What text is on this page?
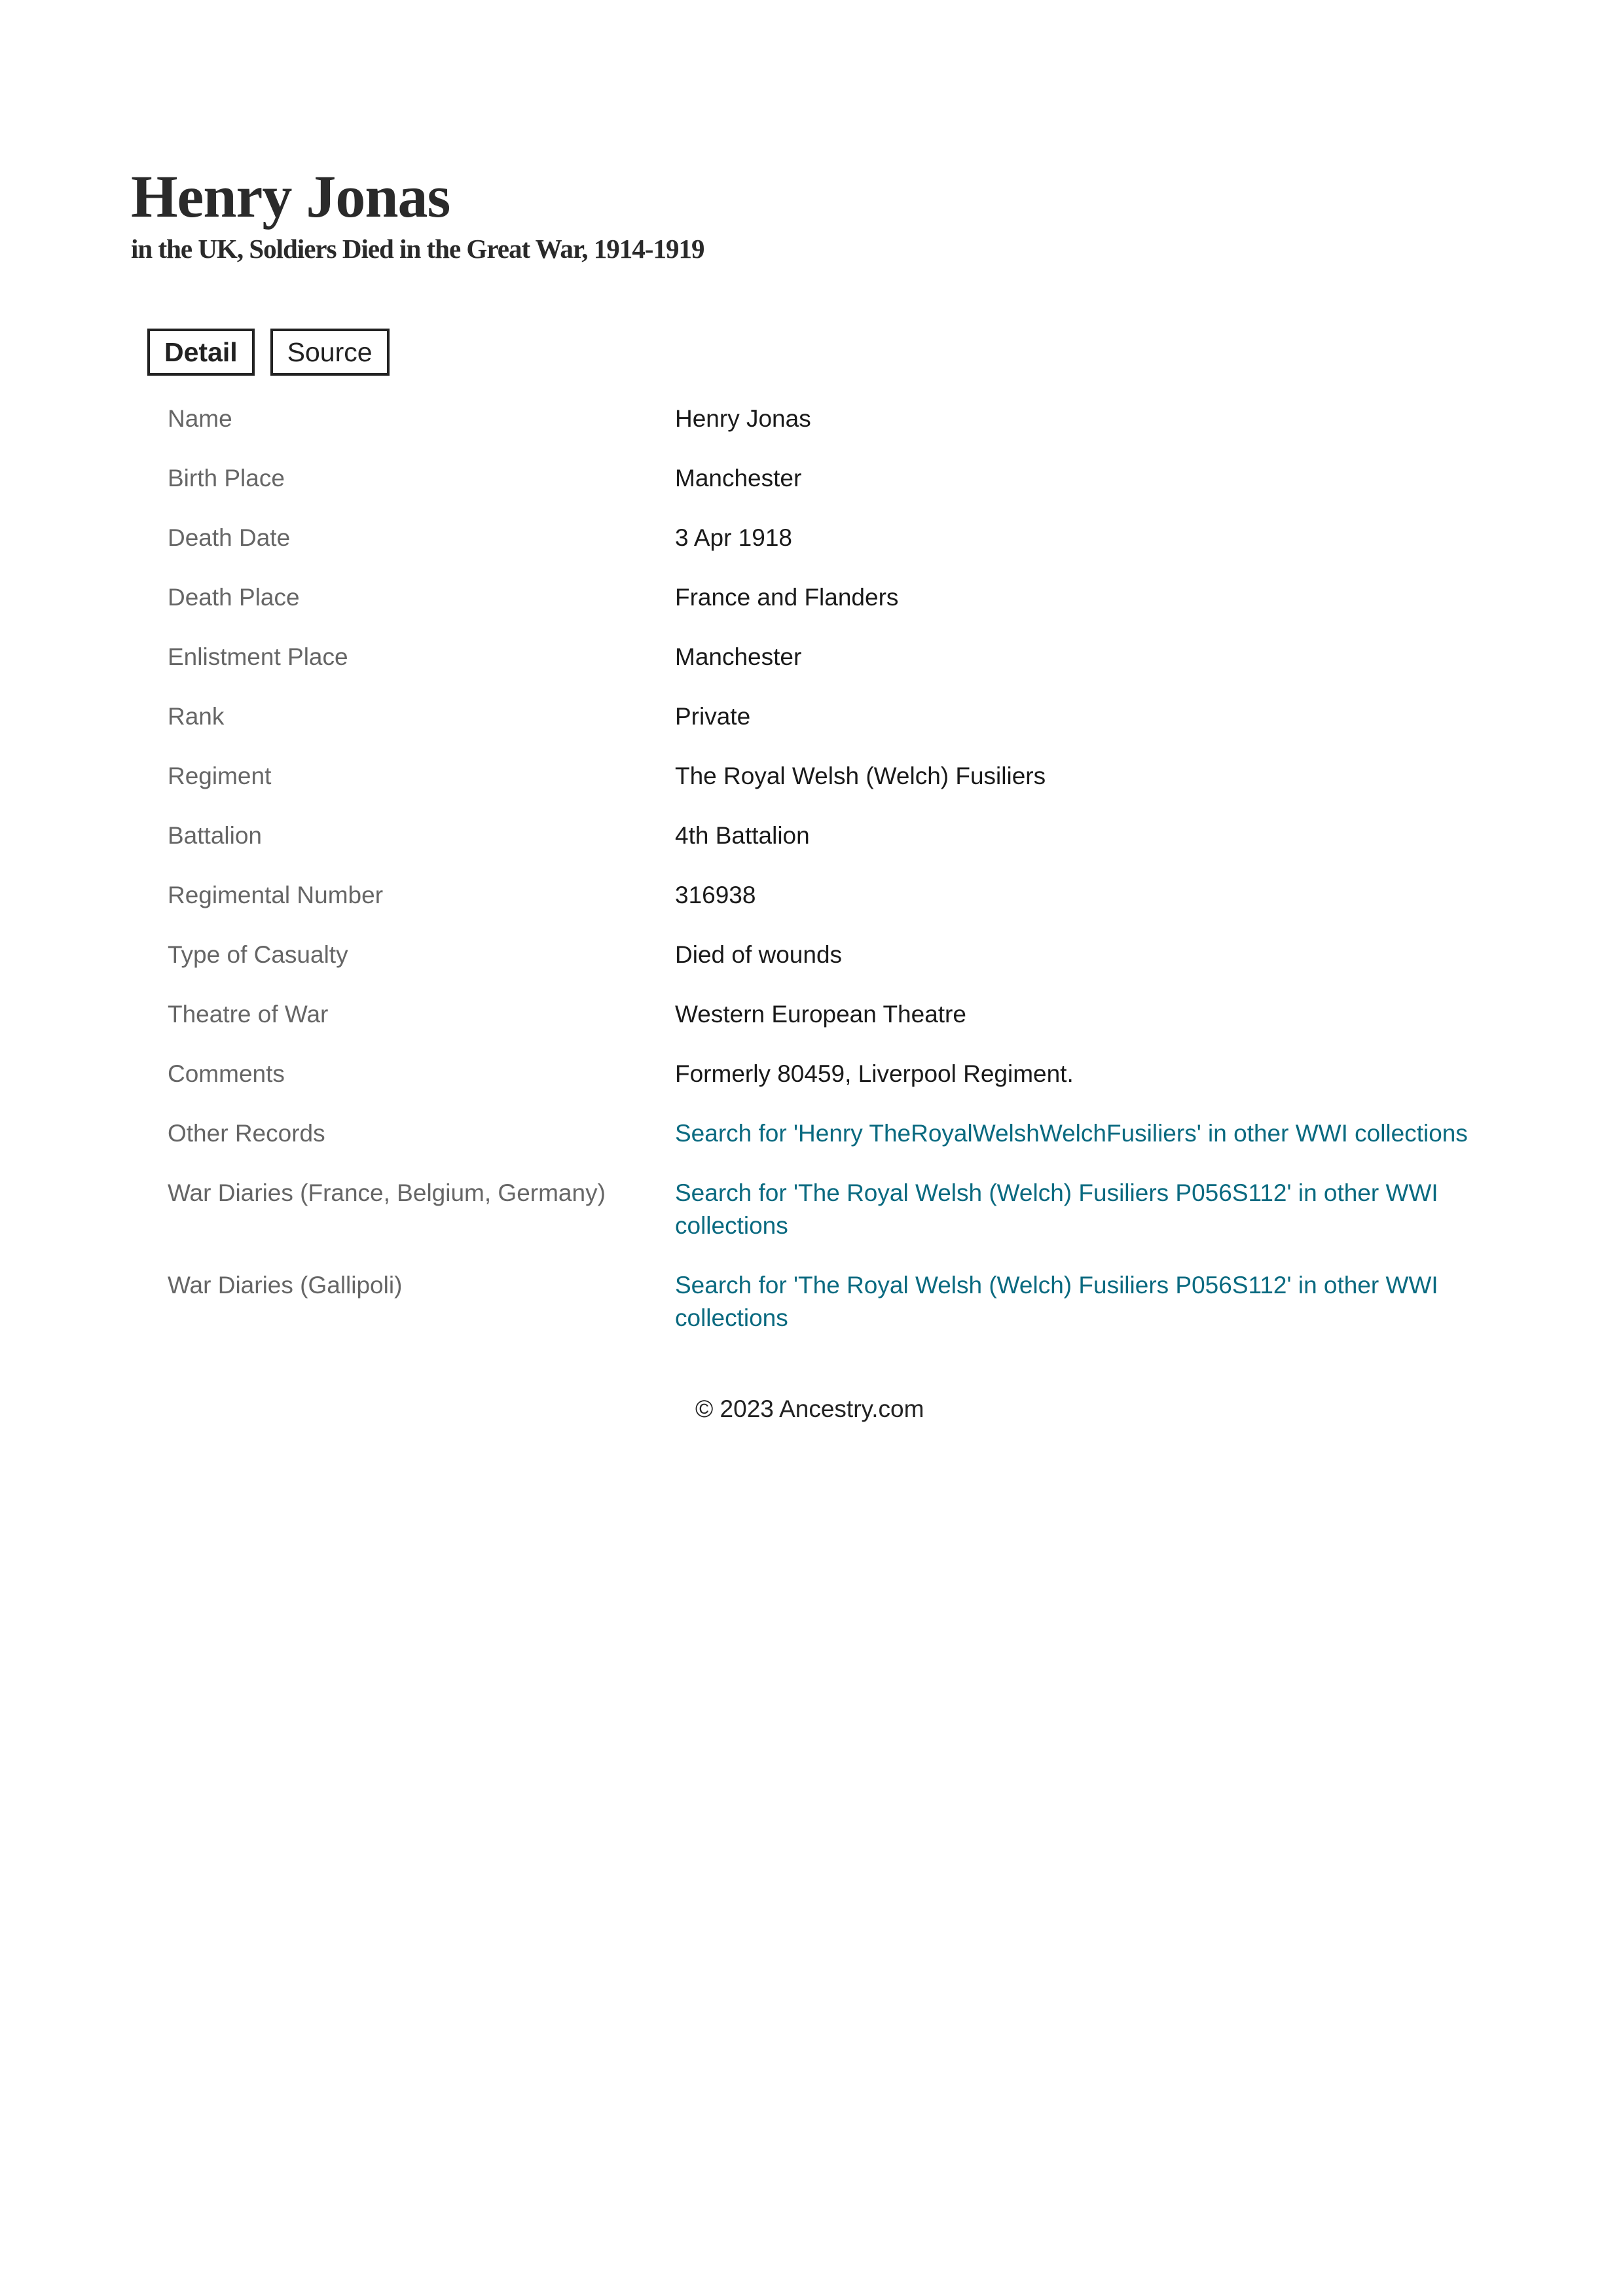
Henry Jonas
in the UK, Soldiers Died in the Great War, 1914-1919
Detail	Source
Name	Henry Jonas
Birth Place	Manchester
Death Date	3 Apr 1918
Death Place	France and Flanders
Enlistment Place	Manchester
Rank	Private
Regiment	The Royal Welsh (Welch) Fusiliers
Battalion	4th Battalion
Regimental Number	316938
Type of Casualty	Died of wounds
Theatre of War	Western European Theatre
Comments	Formerly 80459, Liverpool Regiment.
Other Records	Search for 'Henry TheRoyalWelshWelchFusiliers' in other WWI collections
War Diaries (France, Belgium, Germany)	Search for 'The Royal Welsh (Welch) Fusiliers P056S112' in other WWI collections
War Diaries (Gallipoli)	Search for 'The Royal Welsh (Welch) Fusiliers P056S112' in other WWI collections
© 2023 Ancestry.com
